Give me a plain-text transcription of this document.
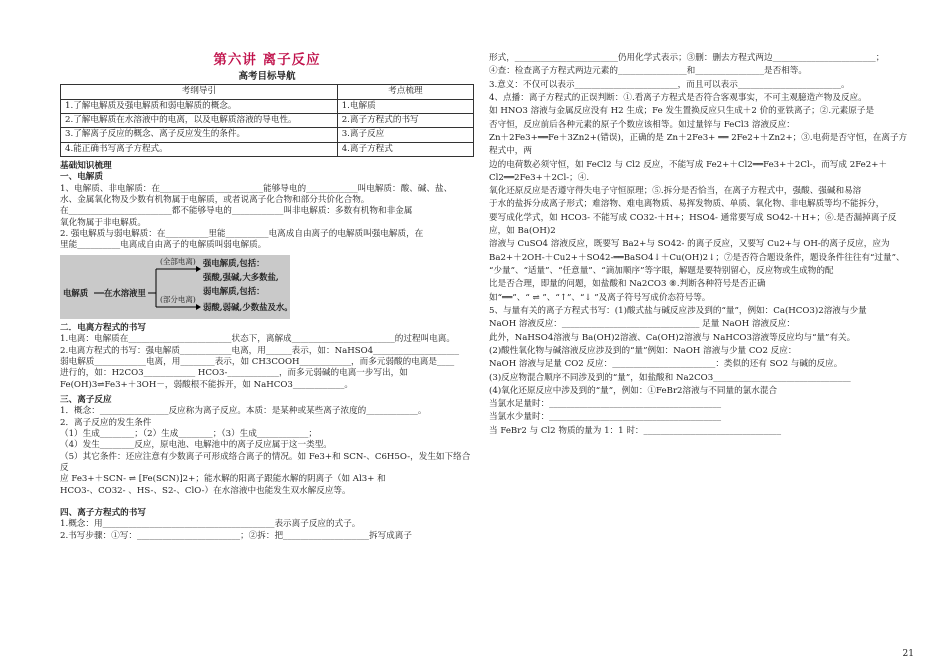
第六讲 离子反应
高考目标导航
考纲导引	考点梳理
1.了解电解质及强电解质和弱电解质的概念。	1.电解质
2.了解电解质在水溶液中的电离，以及电解质溶液的导电性。	2.离子方程式的书写
3.了解离子反应的概念、离子反应发生的条件。	3.离子反应
4.能正确书写离子方程式。	4.离子方程式
基础知识梳理
一、电解质

1、电解质、非电解质：在________________________能够导电的____________叫电解质：酸、碱、盐、

水、金属氧化物及少数有机物属于电解质，或者说离子化合物和部分共价化合物。

在________________________都不能够导电的____________叫非电解质：多数有机物和非金属

氧化物属于非电解质。

2. 强电解质与弱电解质：在__________里能__________电离成自由离子的电解质叫强电解质，在

里能__________电离成自由离子的电解质叫弱电解质。

电解质 在水溶液里
(全部电离)
(部分电离)
强电解质,包括：
强酸,强碱,大多数盐,
弱电解质,包括：
弱酸,弱碱,少数盐及水。
二．电离方程式的书写

1.电离：电解质在________________________状态下，离解成________________________的过程叫电离。

2.电离方程式的书写：强电解质____________电离，用______表示，如：NaHSO4____________________

弱电解质____________电离，用________表示，如 CH3COOH____________，而多元弱酸的电离是____

进行的，如：H2CO3____________ HCO3-____________，而多元弱碱的电离一步写出，如

Fe(OH)3⇌Fe3+＋3OH－，弱酸根不能拆开，如 NaHCO3____________。

三、离子反应

1．概念：________________反应称为离子反应。本质：是某种或某些离子浓度的____________。

2．离子反应的发生条件

（1）生成________；（2）生成________；（3）生成____________；

（4）发生________反应，原电池、电解池中的离子反应属于这一类型。

（5）其它条件：还应注意有少数离子可形成络合离子的情况。如 Fe3+和 SCN-、C6H5O-，发生如下络合反

应 Fe3+＋SCN- ⇌ [Fe(SCN)]2+；能水解的阳离子跟能水解的阴离子（如 Al3+ 和

HCO3-、CO32- 、HS-、S2-、ClO-）在水溶液中也能发生双水解反应等。

四、离子方程式的书写

1.概念：用________________________________________表示离子反应的式子。

2.书写步骤：①写：________________________；②拆：把____________________拆写成离子

形式，________________________仍用化学式表示；③删：删去方程式两边________________________；

④查：检查离子方程式两边元素的________________和________________是否相等。

3.意义：不仅可以表示________________________，而且可以表示________________________。

4、点播：离子方程式的正误判断：①.看离子方程式是否符合客观事实，不可主观臆造产物及反应。

如 HNO3 溶液与金属反应没有 H2 生成；Fe 发生置换反应只生成＋2 价的亚铁离子；②.元素原子是

否守恒，反应前后各种元素的原子个数应该相等。如过量锌与 FeCl3 溶液反应：

Zn＋2Fe3+══Fe＋3Zn2+(错误)，正确的是 Zn＋2Fe3+ ══ 2Fe2+＋Zn2+；③.电荷是否守恒，在离子方程式中，两

边的电荷数必须守恒，如 FeCl2 与 Cl2 反应，不能写成 Fe2+＋Cl2══Fe3+＋2Cl-，而写成 2Fe2+＋Cl2══2Fe3+＋2Cl-；④.

氧化还原反应是否遵守得失电子守恒原理；⑤.拆分是否恰当，在离子方程式中，强酸、强碱和易溶

于水的盐拆分成离子形式；难溶物、难电离物质、易挥发物质、单质、氧化物、非电解质等均不能拆分，

要写成化学式，如 HCO3- 不能写成 CO32-＋H+；HSO4- 通常要写成 SO42-＋H+；⑥.是否漏掉离子反应，如 Ba(OH)2

溶液与 CuSO4 溶液反应，既要写 Ba2+与 SO42- 的离子反应，又要写 Cu2+与 OH-的离子反应，应为

Ba2+＋2OH-＋Cu2+＋SO42-══BaSO4↓＋Cu(OH)2↓；⑦是否符合题设条件，题设条件往往有“过量”、

“少量”、“适量”、“任意量”、“滴加顺序”等字眼，解题是要特别留心，反应物或生成物的配

比是否合理，即量的问题，如盐酸和 Na2CO3 ⑧.判断各种符号是否正确

如“══”、“ ⇌ ”、“↑”、“↓ ”及离子符号写成价态符号等。

5、与量有关的离子方程式书写：(1)酸式盐与碱反应涉及到的“量”，例如：Ca(HCO3)2溶液与少量

NaOH 溶液反应：________________________________ 足量 NaOH 溶液反应：

此外，NaHSO4溶液与 Ba(OH)2溶液、Ca(OH)2溶液与 NaHCO3溶液等反应均与“量”有关。

(2)酸性氧化物与碱溶液反应涉及到的“量”例如：NaOH 溶液与少量 CO2 反应：

NaOH 溶液与足量 CO2 反应：________________________：类似的还有 SO2 与碱的反应。

(3)反应物混合顺序不同涉及到的“量”，如盐酸和 Na2CO3________________________________

(4)氧化还原反应中涉及到的“量”，例如：①FeBr2溶液与不同量的氯水混合

当氯水足量时：________________________________________

当氯水少量时：________________________________________

当 FeBr2 与 Cl2 物质的量为 1：1 时：________________________________

21
